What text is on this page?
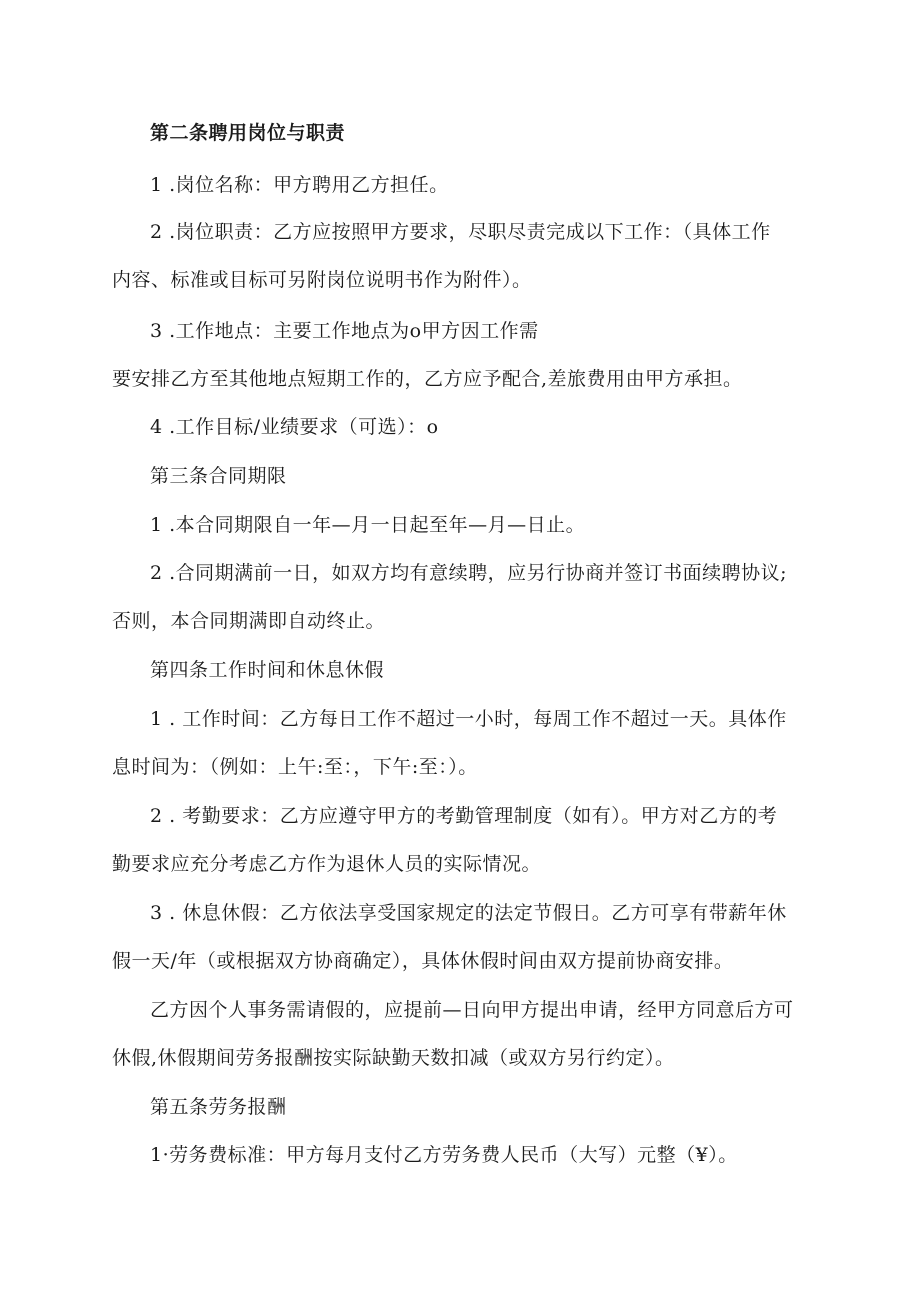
第二条聘用岗位与职责
1 .岗位名称：甲方聘用乙方担任。
2 .岗位职责：乙方应按照甲方要求，尽职尽责完成以下工作：（具体工作
内容、标准或目标可另附岗位说明书作为附件）。
3 .工作地点：主要工作地点为o甲方因工作需
要安排乙方至其他地点短期工作的，乙方应予配合,差旅费用由甲方承担。
4 .工作目标/业绩要求（可选）：o
第三条合同期限
1 .本合同期限自一年—月一日起至年—月—日止。
2 .合同期满前一日，如双方均有意续聘，应另行协商并签订书面续聘协议;
否则，本合同期满即自动终止。
第四条工作时间和休息休假
1 . 工作时间：乙方每日工作不超过一小时，每周工作不超过一天。具体作
息时间为：（例如：上午:至：，下午:至：）。
2 . 考勤要求：乙方应遵守甲方的考勤管理制度（如有）。甲方对乙方的考
勤要求应充分考虑乙方作为退休人员的实际情况。
3 . 休息休假：乙方依法享受国家规定的法定节假日。乙方可享有带薪年休
假一天/年（或根据双方协商确定），具体休假时间由双方提前协商安排。
乙方因个人事务需请假的，应提前—日向甲方提出申请，经甲方同意后方可
休假,休假期间劳务报酬按实际缺勤天数扣减（或双方另行约定）。
第五条劳务报酬
1·劳务费标准：甲方每月支付乙方劳务费人民币（大写）元整（¥）。
